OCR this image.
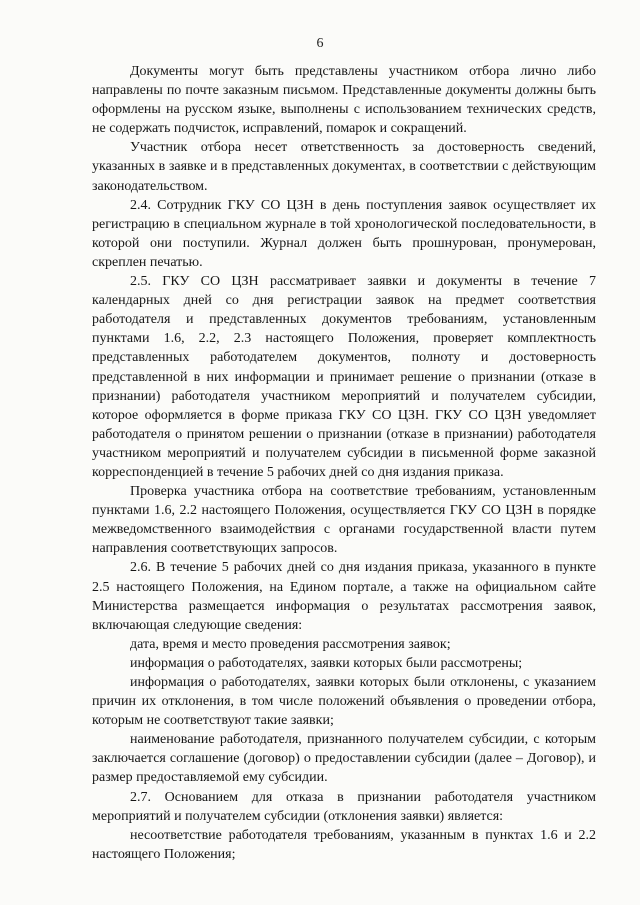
6

Документы могут быть представлены участником отбора лично либо направлены по почте заказным письмом. Представленные документы должны быть оформлены на русском языке, выполнены с использованием технических средств, не содержать подчисток, исправлений, помарок и сокращений.

Участник отбора несет ответственность за достоверность сведений, указанных в заявке и в представленных документах, в соответствии с действующим законодательством.

2.4. Сотрудник ГКУ СО ЦЗН в день поступления заявок осуществляет их регистрацию в специальном журнале в той хронологической последовательности, в которой они поступили. Журнал должен быть прошнурован, пронумерован, скреплен печатью.

2.5. ГКУ СО ЦЗН рассматривает заявки и документы в течение 7 календарных дней со дня регистрации заявок на предмет соответствия работодателя и представленных документов требованиям, установленным пунктами 1.6, 2.2, 2.3 настоящего Положения, проверяет комплектность представленных работодателем документов, полноту и достоверность представленной в них информации и принимает решение о признании (отказе в признании) работодателя участником мероприятий и получателем субсидии, которое оформляется в форме приказа ГКУ СО ЦЗН. ГКУ СО ЦЗН уведомляет работодателя о принятом решении о признании (отказе в признании) работодателя участником мероприятий и получателем субсидии в письменной форме заказной корреспонденцией в течение 5 рабочих дней со дня издания приказа.

Проверка участника отбора на соответствие требованиям, установленным пунктами 1.6, 2.2 настоящего Положения, осуществляется ГКУ СО ЦЗН в порядке межведомственного взаимодействия с органами государственной власти путем направления соответствующих запросов.

2.6. В течение 5 рабочих дней со дня издания приказа, указанного в пункте 2.5 настоящего Положения, на Едином портале, а также на официальном сайте Министерства размещается информация о результатах рассмотрения заявок, включающая следующие сведения:

дата, время и место проведения рассмотрения заявок;

информация о работодателях, заявки которых были рассмотрены;

информация о работодателях, заявки которых были отклонены, с указанием причин их отклонения, в том числе положений объявления о проведении отбора, которым не соответствуют такие заявки;

наименование работодателя, признанного получателем субсидии, с которым заключается соглашение (договор) о предоставлении субсидии (далее – Договор), и размер предоставляемой ему субсидии.

2.7. Основанием для отказа в признании работодателя участником мероприятий и получателем субсидии (отклонения заявки) является:

несоответствие работодателя требованиям, указанным в пунктах 1.6 и 2.2 настоящего Положения;
